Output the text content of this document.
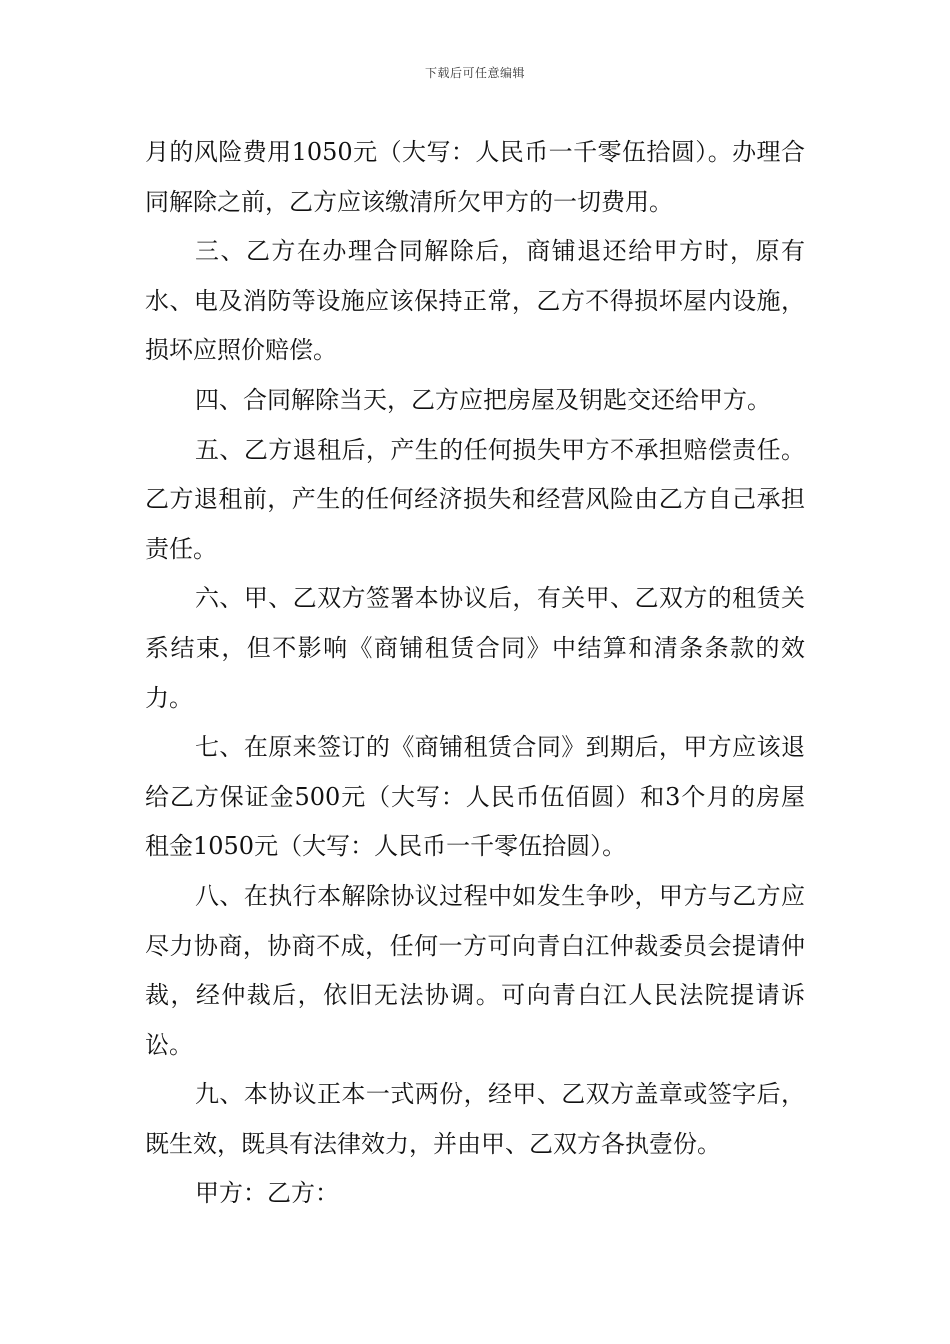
下载后可任意编辑

月的风险费用1050元（大写：人民币一千零伍拾圆）。办理合同解除之前，乙方应该缴清所欠甲方的一切费用。

三、乙方在办理合同解除后，商铺退还给甲方时，原有水、电及消防等设施应该保持正常，乙方不得损坏屋内设施，损坏应照价赔偿。

四、合同解除当天，乙方应把房屋及钥匙交还给甲方。

五、乙方退租后，产生的任何损失甲方不承担赔偿责任。乙方退租前，产生的任何经济损失和经营风险由乙方自己承担责任。

六、甲、乙双方签署本协议后，有关甲、乙双方的租赁关系结束，但不影响《商铺租赁合同》中结算和清条条款的效力。

七、在原来签订的《商铺租赁合同》到期后，甲方应该退给乙方保证金500元（大写：人民币伍佰圆）和3个月的房屋租金1050元（大写：人民币一千零伍拾圆）。

八、在执行本解除协议过程中如发生争吵，甲方与乙方应尽力协商，协商不成，任何一方可向青白江仲裁委员会提请仲裁，经仲裁后，依旧无法协调。可向青白江人民法院提请诉讼。

九、本协议正本一式两份，经甲、乙双方盖章或签字后，既生效，既具有法律效力，并由甲、乙双方各执壹份。

甲方：乙方：
